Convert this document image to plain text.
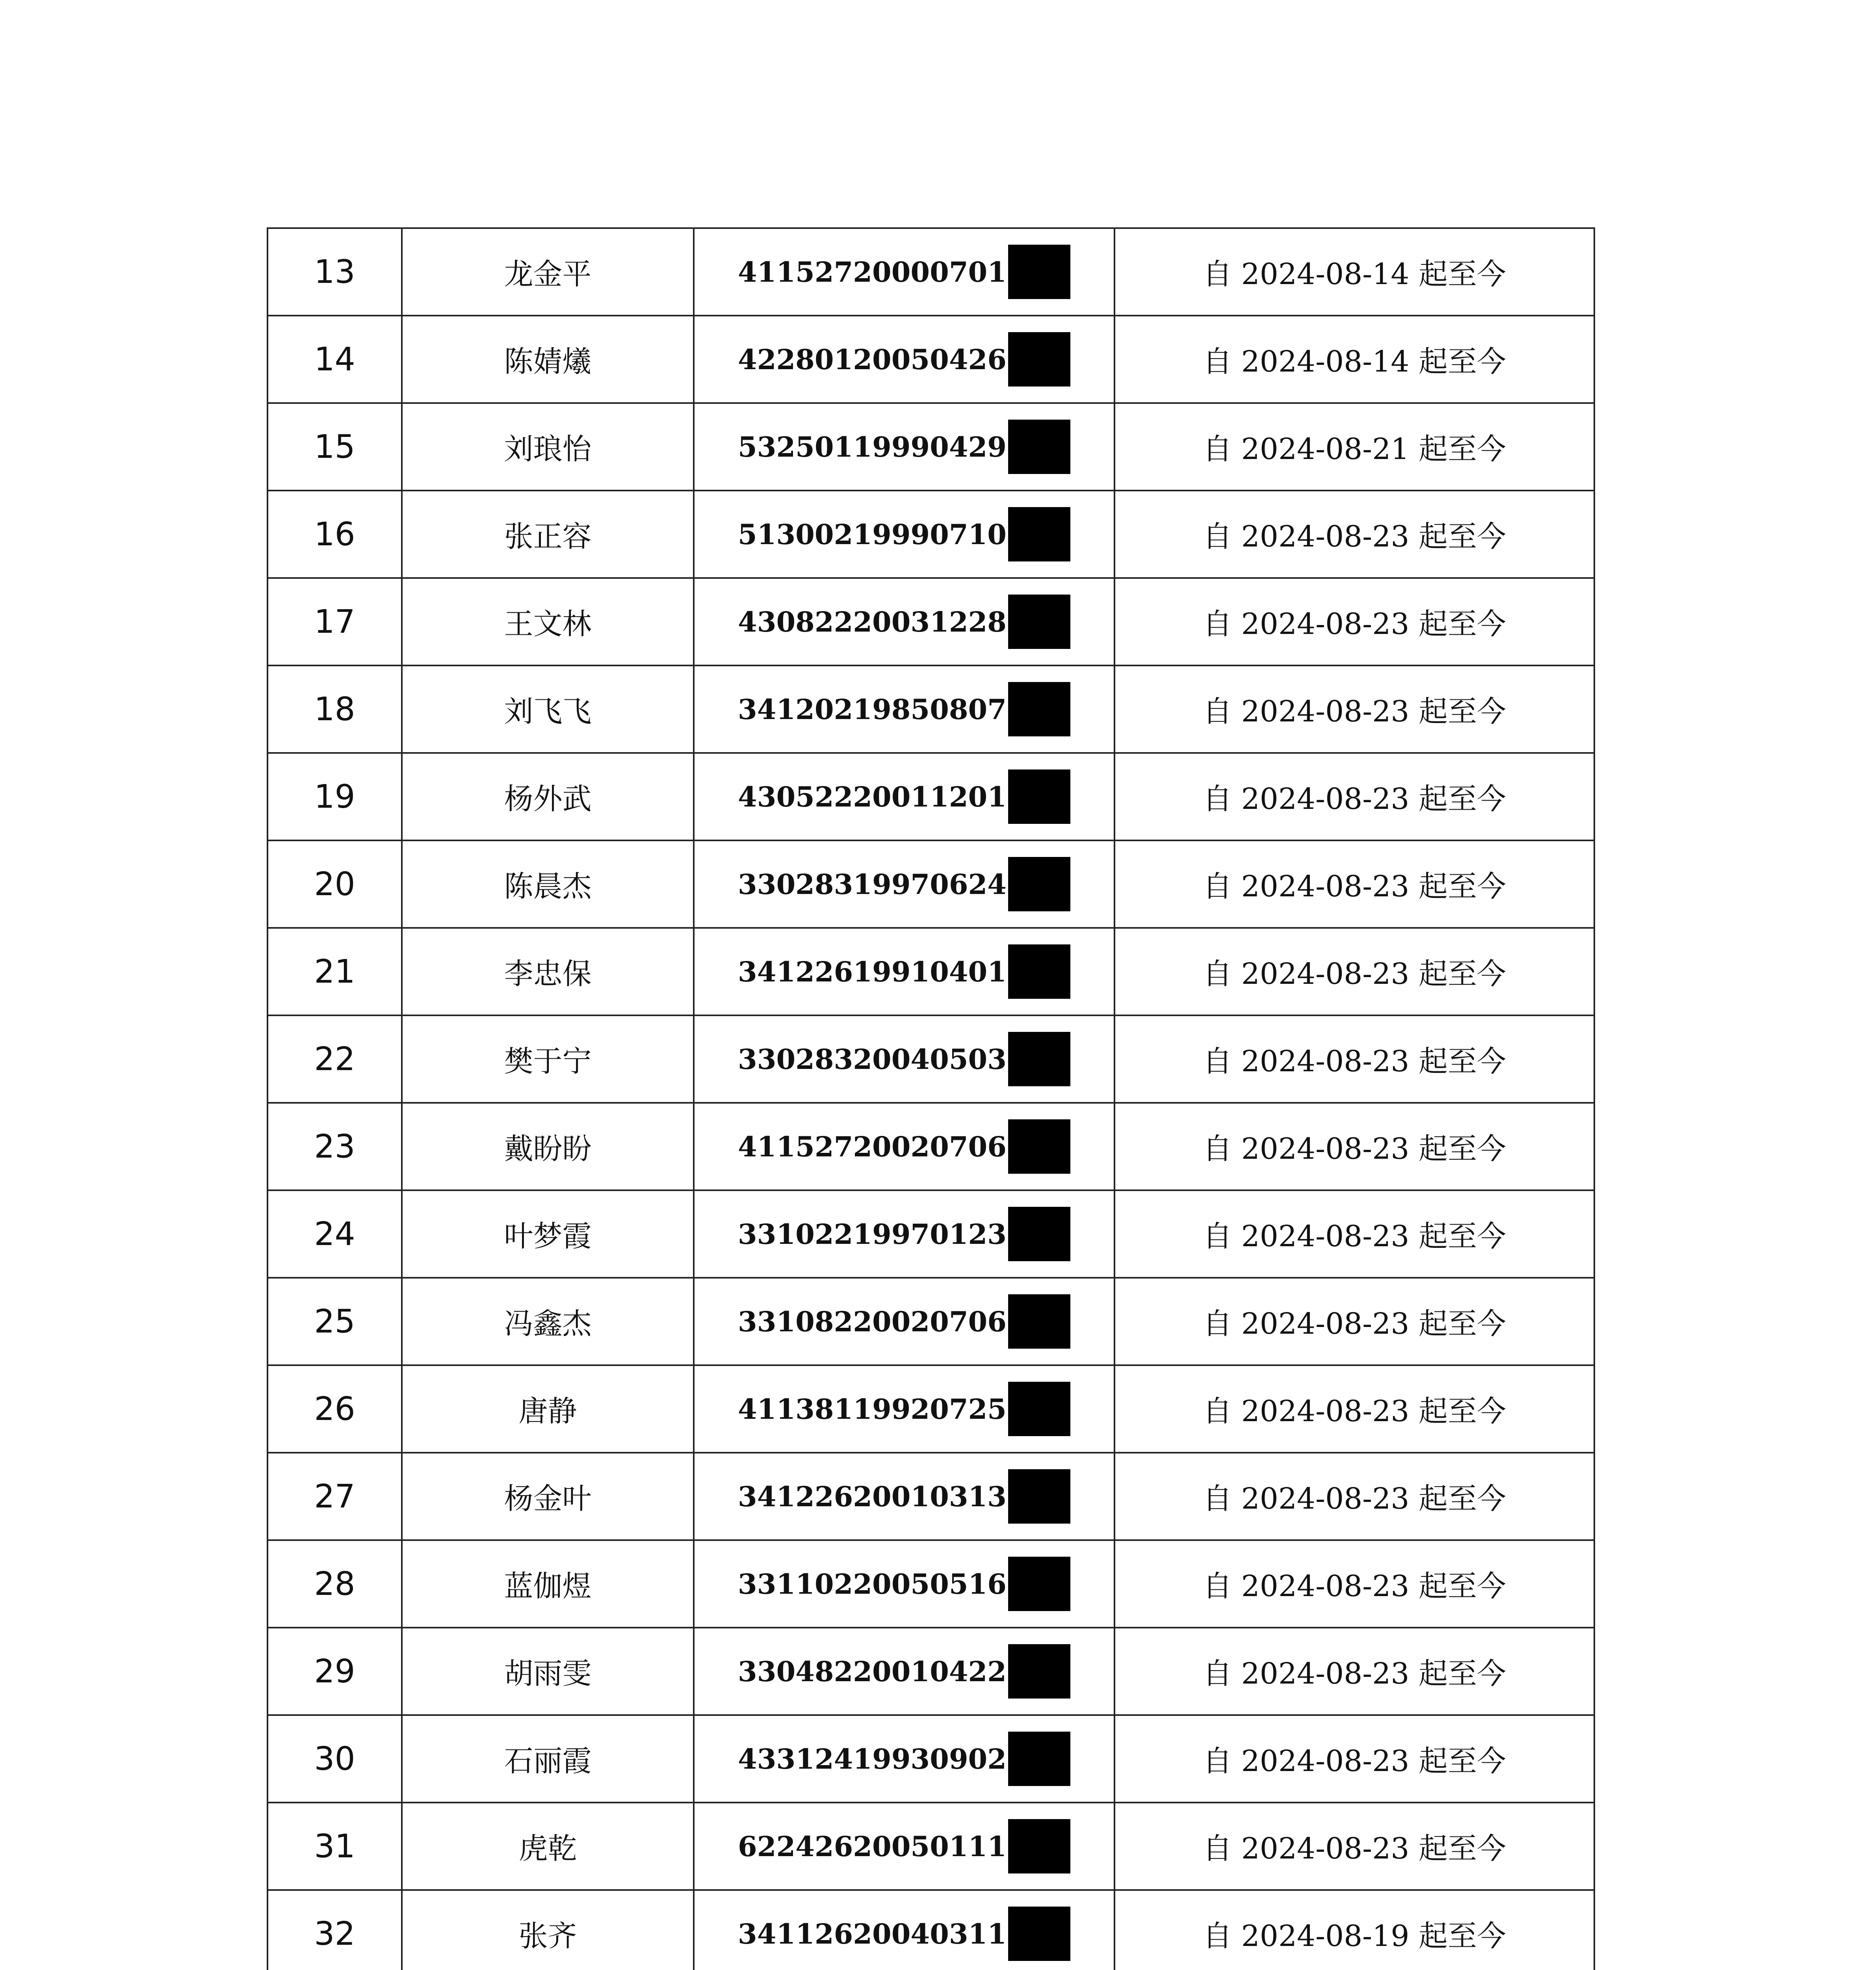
13	龙金平	41152720000701	自 2024-08-14 起至今
14	陈婧爔	42280120050426	自 2024-08-14 起至今
15	刘琅怡	53250119990429	自 2024-08-21 起至今
16	张正容	51300219990710	自 2024-08-23 起至今
17	王文林	43082220031228	自 2024-08-23 起至今
18	刘飞飞	34120219850807	自 2024-08-23 起至今
19	杨外武	43052220011201	自 2024-08-23 起至今
20	陈晨杰	33028319970624	自 2024-08-23 起至今
21	李忠保	34122619910401	自 2024-08-23 起至今
22	樊于宁	33028320040503	自 2024-08-23 起至今
23	戴盼盼	41152720020706	自 2024-08-23 起至今
24	叶梦霞	33102219970123	自 2024-08-23 起至今
25	冯鑫杰	33108220020706	自 2024-08-23 起至今
26	唐静	41138119920725	自 2024-08-23 起至今
27	杨金叶	34122620010313	自 2024-08-23 起至今
28	蓝伽煜	33110220050516	自 2024-08-23 起至今
29	胡雨雯	33048220010422	自 2024-08-23 起至今
30	石丽霞	43312419930902	自 2024-08-23 起至今
31	虎乾	62242620050111	自 2024-08-23 起至今
32	张齐	34112620040311	自 2024-08-19 起至今
